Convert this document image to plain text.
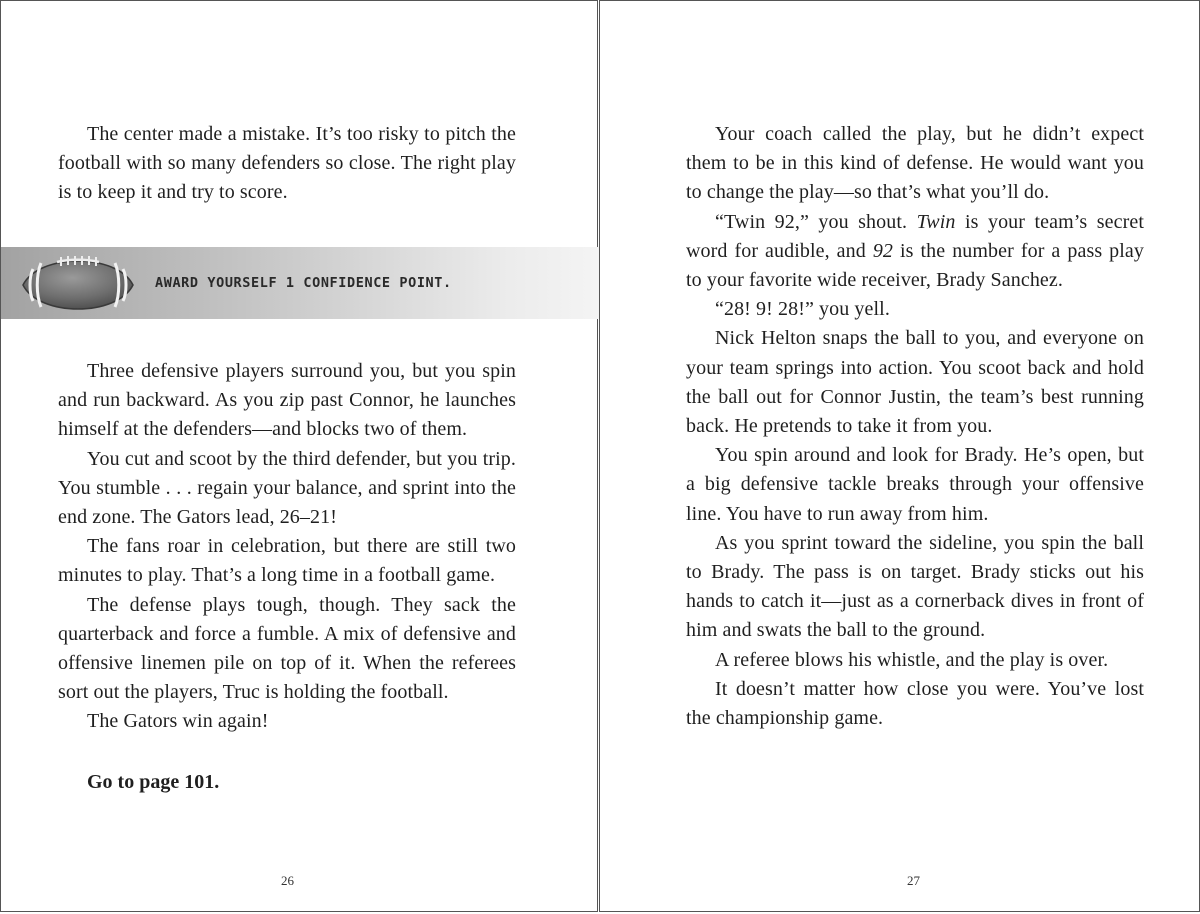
The center made a mistake. It’s too risky to pitch the football with so many defenders so close. The right play is to keep it and try to score.

AWARD YOURSELF 1 CONFIDENCE POINT.

Three defensive players surround you, but you spin and run backward. As you zip past Connor, he launches himself at the defenders—and blocks two of them.

You cut and scoot by the third defender, but you trip. You stumble . . . regain your balance, and sprint into the end zone. The Gators lead, 26–21!

The fans roar in celebration, but there are still two minutes to play. That’s a long time in a football game.

The defense plays tough, though. They sack the quarterback and force a fumble. A mix of defensive and offensive linemen pile on top of it. When the referees sort out the players, Truc is holding the football.

The Gators win again!

Go to page 101.
26

Your coach called the play, but he didn’t expect them to be in this kind of defense. He would want you to change the play—so that’s what you’ll do.

“Twin 92,” you shout. Twin is your team’s secret word for audible, and 92 is the number for a pass play to your favorite wide receiver, Brady Sanchez.

“28! 9! 28!” you yell.

Nick Helton snaps the ball to you, and everyone on your team springs into action. You scoot back and hold the ball out for Connor Justin, the team’s best running back. He pretends to take it from you.

You spin around and look for Brady. He’s open, but a big defensive tackle breaks through your offensive line. You have to run away from him.

As you sprint toward the sideline, you spin the ball to Brady. The pass is on target. Brady sticks out his hands to catch it—just as a cornerback dives in front of him and swats the ball to the ground.

A referee blows his whistle, and the play is over.

It doesn’t matter how close you were. You’ve lost the championship game.

27
